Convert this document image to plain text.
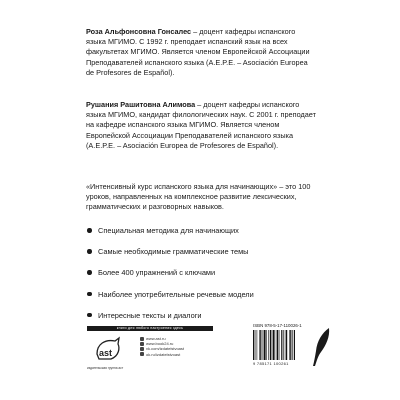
Роза Альфонсовна Гонсалес – доцент кафедры испанского языка МГИМО. С 1992 г. преподает испанский язык на всех факультетах МГИМО. Является членом Европейской Ассоциации Преподавателей испанского языка (A.E.P.E. – Asociación Europea de Profesores de Español).

Рушания Рашитовна Алимова – доцент кафедры испанского языка МГИМО, кандидат филологических наук. С 2001 г. преподает на кафедре испанского языка МГИМО. Является членом Европейской Ассоциации Преподавателей испанского языка (A.E.P.E. – Asociación Europea de Profesores de Español).

«Интенсивный курс испанского языка для начинающих» – это 100 уроков, направленных на комплексное развитие лексических, грамматических и разговорных навыков.

Специальная методика для начинающих
Самые необходимые грамматические темы
Более 400 упражнений с ключами
Наиболее употребительные речевые модели
Интересные тексты и диалоги
книги для любого настроения здесь
ast
издательская группа аст
www.ast.ru
www.book24.ru
vk.com/izdatelstvoast
ok.ru/izdatelstvoast
ISBN 978-5-17-110026-1
9 785171 100261
